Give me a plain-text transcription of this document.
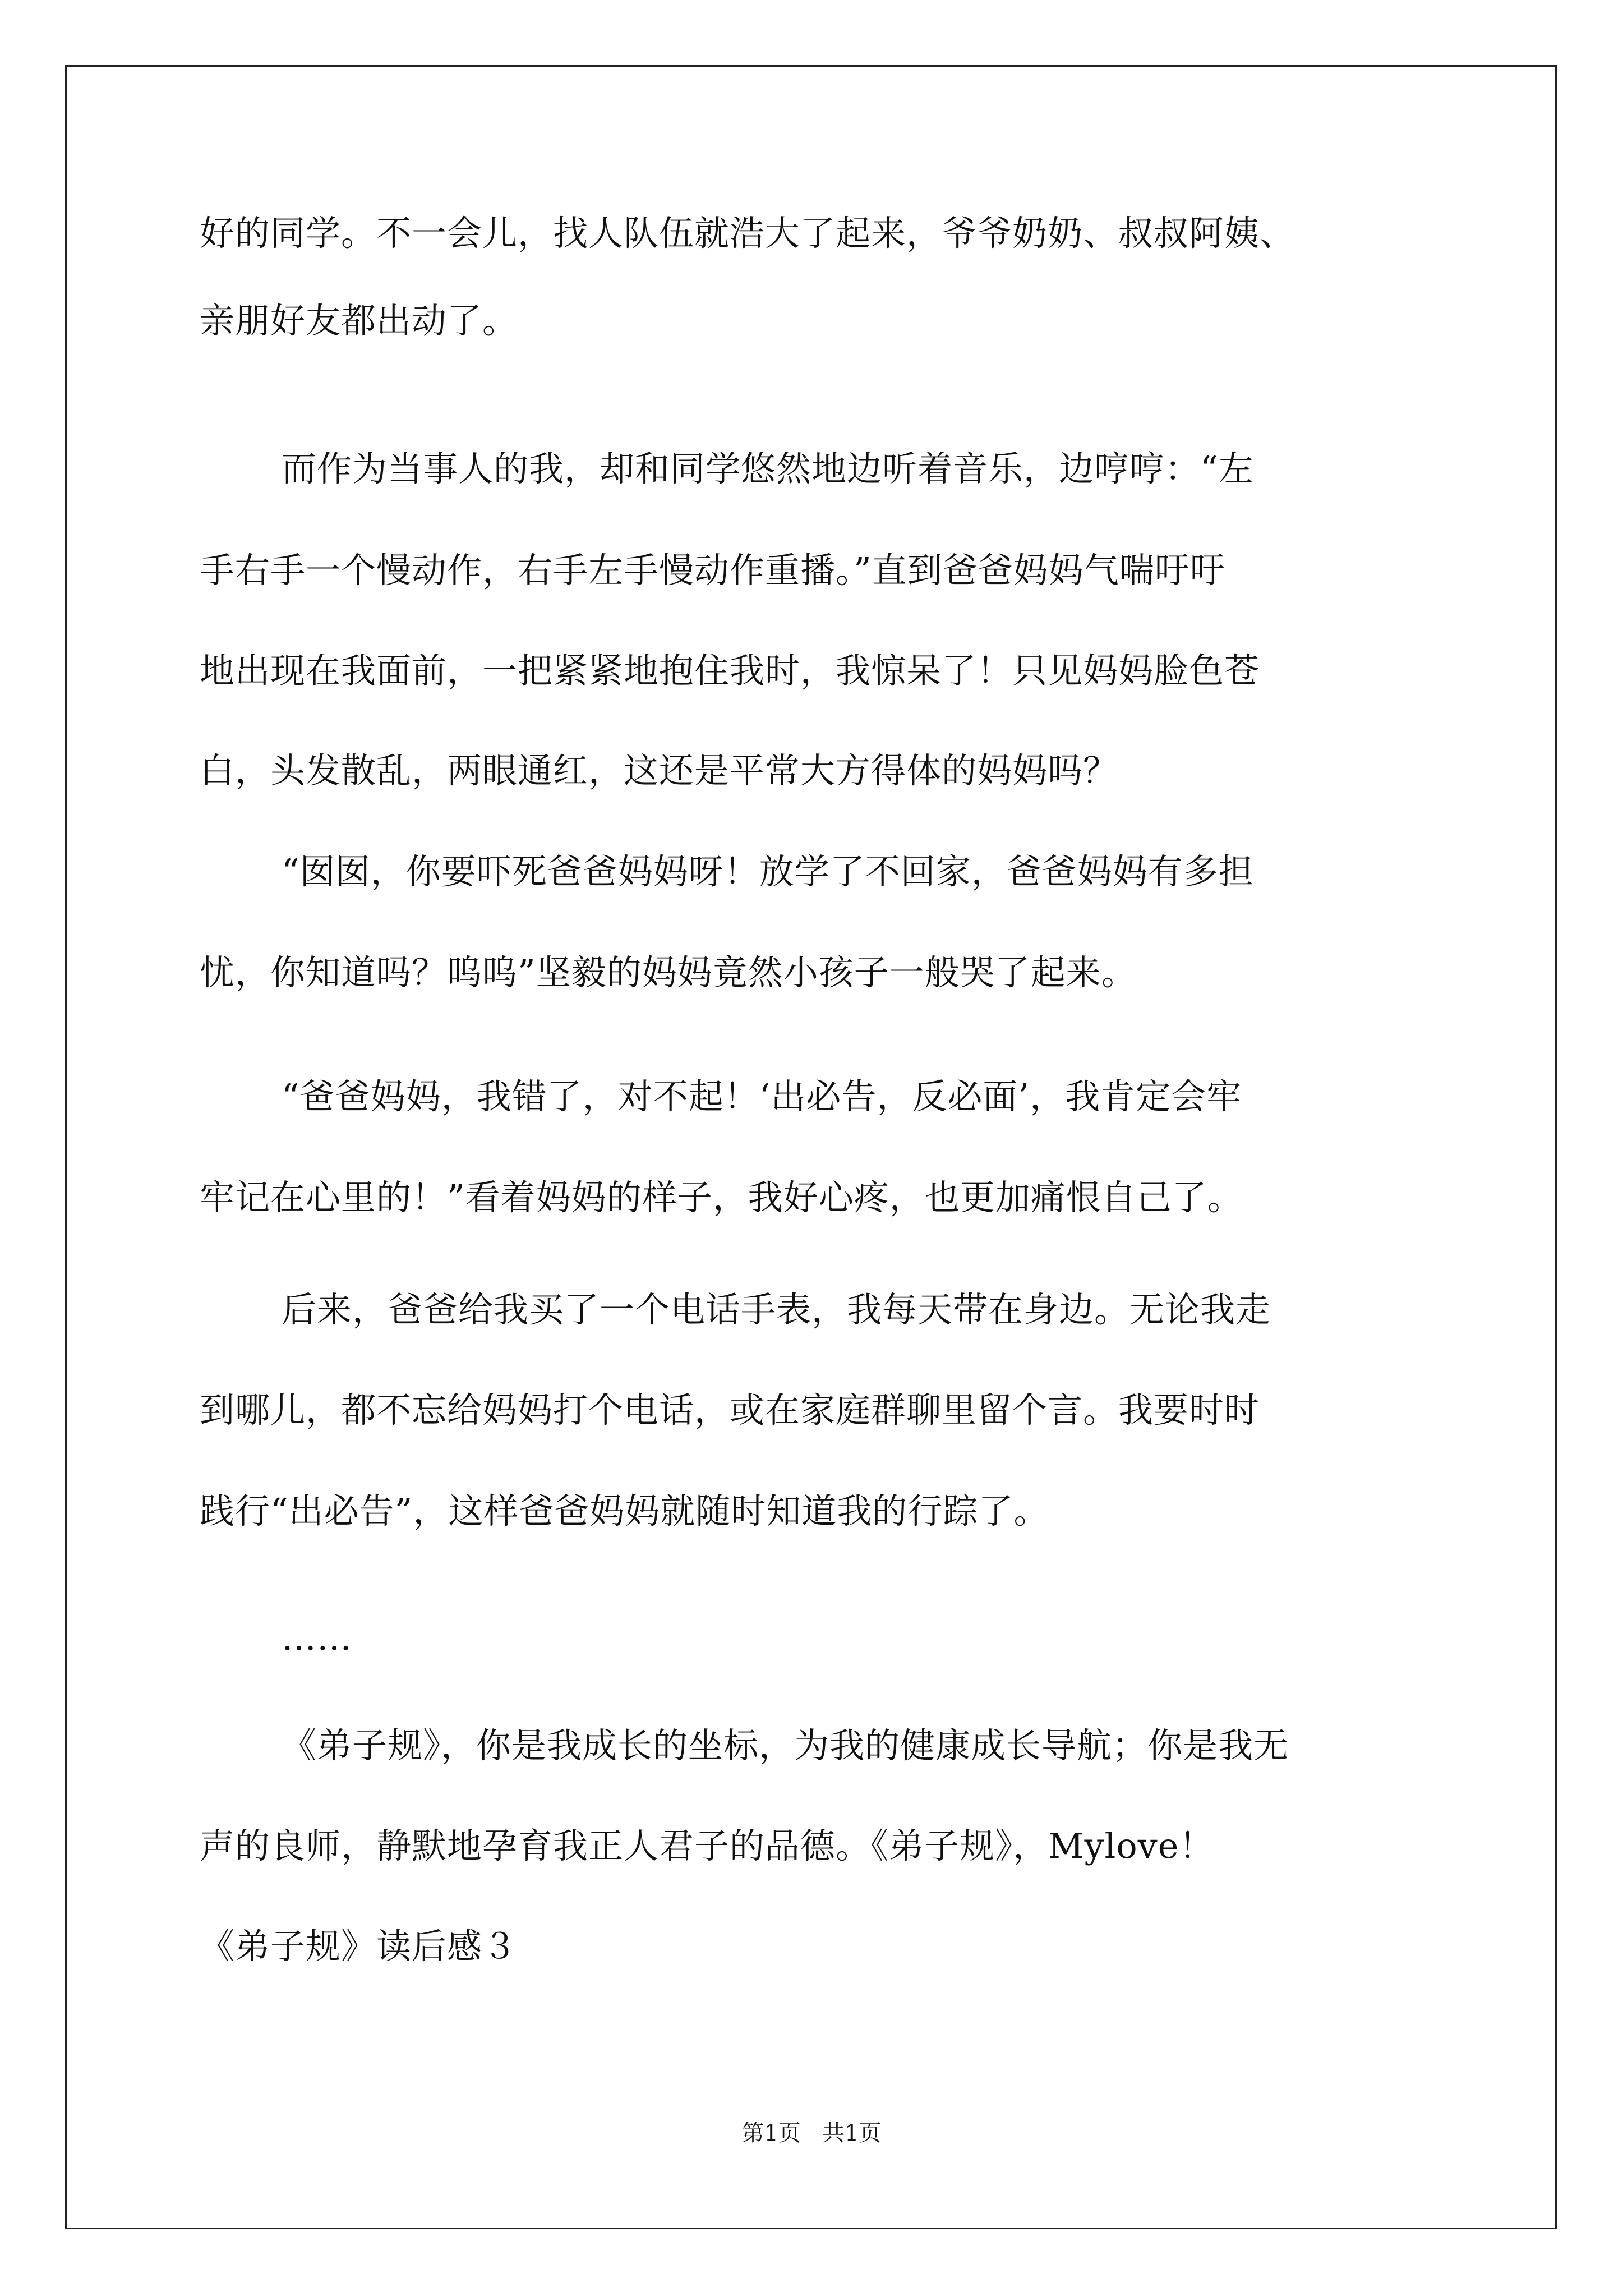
好的同学。不一会儿，找人队伍就浩大了起来，爷爷奶奶、叔叔阿姨、
亲朋好友都出动了。
而作为当事人的我，却和同学悠然地边听着音乐，边哼哼：“左
手右手一个慢动作，右手左手慢动作重播。”直到爸爸妈妈气喘吁吁
地出现在我面前，一把紧紧地抱住我时，我惊呆了！只见妈妈脸色苍
白，头发散乱，两眼通红，这还是平常大方得体的妈妈吗？
“囡囡，你要吓死爸爸妈妈呀！放学了不回家，爸爸妈妈有多担
忧，你知道吗？呜呜”坚毅的妈妈竟然小孩子一般哭了起来。
“爸爸妈妈，我错了，对不起！‘出必告，反必面’，我肯定会牢
牢记在心里的！”看着妈妈的样子，我好心疼，也更加痛恨自己了。
后来，爸爸给我买了一个电话手表，我每天带在身边。无论我走
到哪儿，都不忘给妈妈打个电话，或在家庭群聊里留个言。我要时时
践行“出必告”，这样爸爸妈妈就随时知道我的行踪了。
……
《弟子规》，你是我成长的坐标，为我的健康成长导航；你是我无
声的良师，静默地孕育我正人君子的品德。《弟子规》，Mylove！
《弟子规》读后感３
第1页   共1页
